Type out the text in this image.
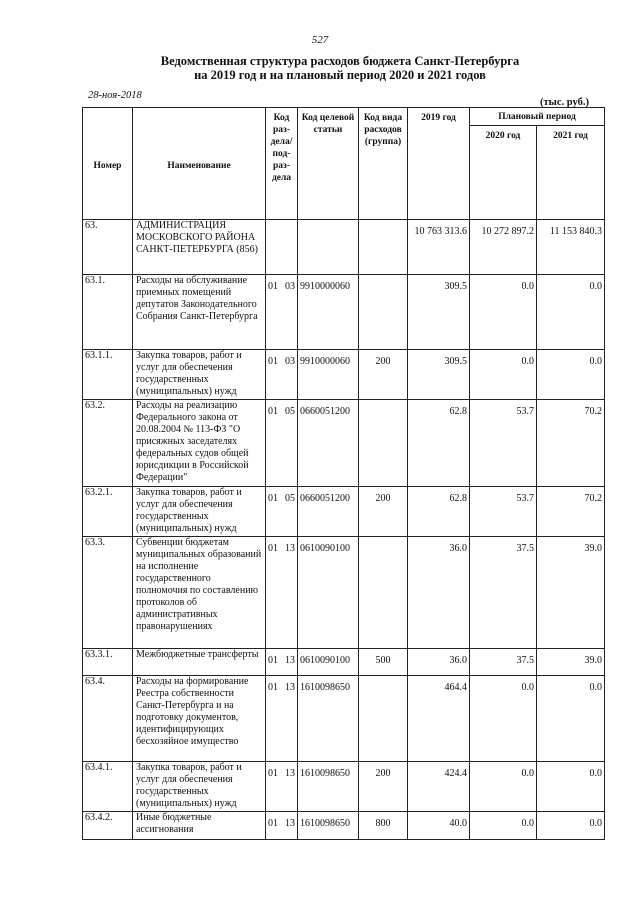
527
Ведомственная структура расходов бюджета Санкт-Петербурга
на 2019 год и на плановый период 2020 и 2021 годов
28-ноя-2018
(тыс. руб.)
Номер	Наименование	Код раз-дела/ под-раз-дела		Код целевой статьи	Код вида расходов (группа)	2019 год	Плановый период	
							2020 год	2021 год
63.	АДМИНИСТРАЦИЯ МОСКОВСКОГО РАЙОНА САНКТ-ПЕТЕРБУРГА (856)					10 763 313.6	10 272 897.2	11 153 840.3
63.1.	Расходы на обслуживание приемных помещений депутатов Законодательного Собрания Санкт-Петербурга	01	03	9910000060		309.5	0.0	0.0
63.1.1.	Закупка товаров, работ и услуг для обеспечения государственных (муниципальных) нужд	01	03	9910000060	200	309.5	0.0	0.0
63.2.	Расходы на реализацию Федерального закона от 20.08.2004 № 113-ФЗ "О присяжных заседателях федеральных судов общей юрисдикции в Российской Федерации"	01	05	0660051200		62.8	53.7	70.2
63.2.1.	Закупка товаров, работ и услуг для обеспечения государственных (муниципальных) нужд	01	05	0660051200	200	62.8	53.7	70.2
63.3.	Субвенции бюджетам муниципальных образований на исполнение государственного полномочия по составлению протоколов об административных правонарушениях	01	13	0610090100		36.0	37.5	39.0
63.3.1.	Межбюджетные трансферты	01	13	0610090100	500	36.0	37.5	39.0
63.4.	Расходы на формирование Реестра собственности Санкт-Петербурга и на подготовку документов, идентифицирующих бесхозяйное имущество	01	13	1610098650		464.4	0.0	0.0
63.4.1.	Закупка товаров, работ и услуг для обеспечения государственных (муниципальных) нужд	01	13	1610098650	200	424.4	0.0	0.0
63.4.2.	Иные бюджетные ассигнования	01	13	1610098650	800	40.0	0.0	0.0
